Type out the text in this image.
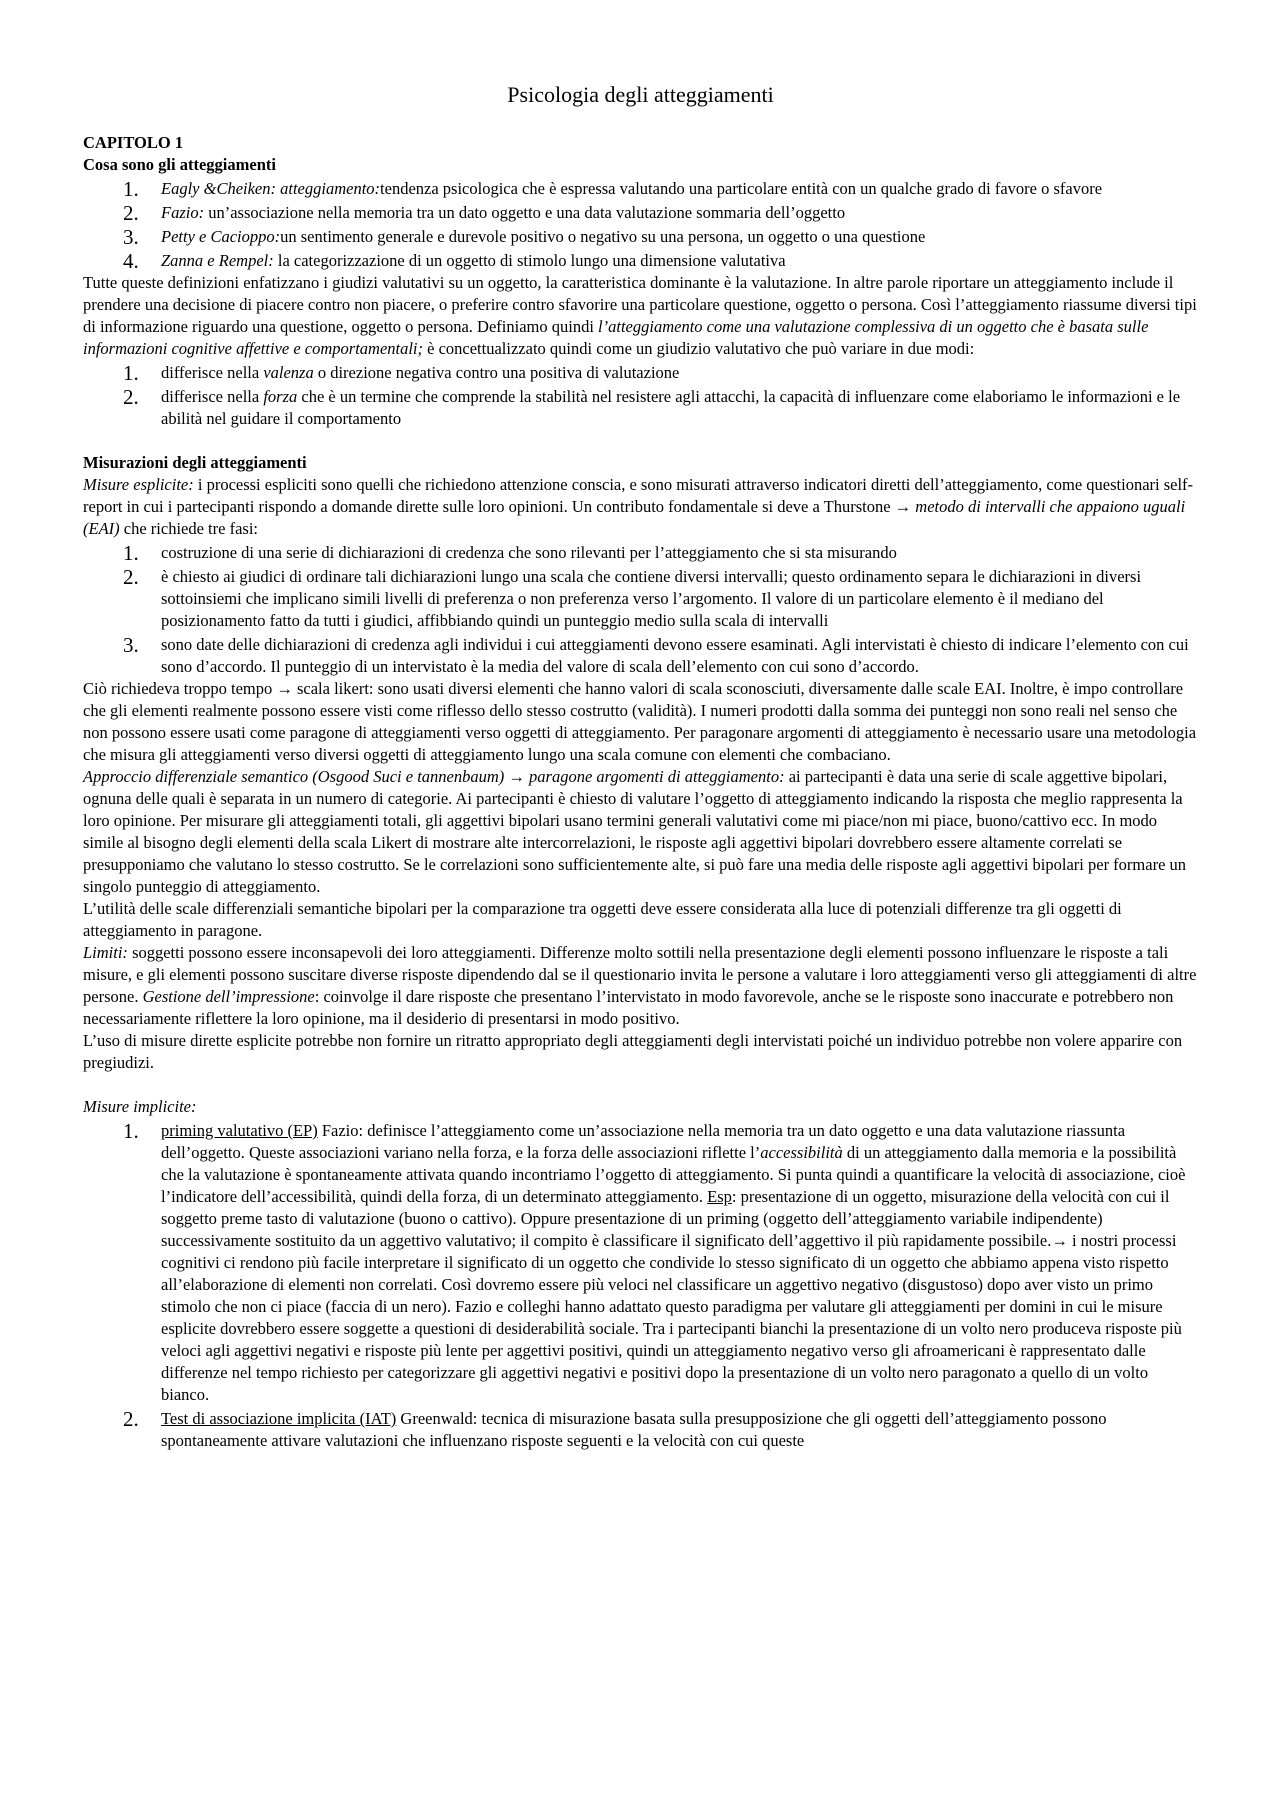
Psicologia degli atteggiamenti

CAPITOLO 1

Cosa sono gli atteggiamenti

1.	Eagly &Cheiken: atteggiamento:tendenza psicologica che è espressa valutando una particolare entità con un qualche grado di favore o sfavore
2.	Fazio: un’associazione nella memoria tra un dato oggetto e una data valutazione sommaria dell’oggetto
3.	Petty e Cacioppo:un sentimento generale e durevole positivo o negativo su una persona, un oggetto o una questione
4.	Zanna e Rempel: la categorizzazione di un oggetto di stimolo lungo una dimensione valutativa

Tutte queste definizioni enfatizzano i giudizi valutativi su un oggetto, la caratteristica dominante è la valutazione. In altre parole riportare un atteggiamento include il prendere una decisione di piacere contro non piacere, o preferire contro sfavorire una particolare questione, oggetto o persona. Così l’atteggiamento riassume diversi tipi di informazione riguardo una questione, oggetto o persona. Definiamo quindi l’atteggiamento come una valutazione complessiva di un oggetto che è basata sulle informazioni cognitive affettive e comportamentali; è concettualizzato quindi come un giudizio valutativo che può variare in due modi:

1.	differisce nella valenza o direzione negativa contro una positiva di valutazione
2.	differisce nella forza che è un termine che comprende la stabilità nel resistere agli attacchi, la capacità di influenzare come elaboriamo le informazioni e le abilità nel guidare il comportamento

Misurazioni degli atteggiamenti

Misure esplicite: i processi espliciti sono quelli che richiedono attenzione conscia, e sono misurati attraverso indicatori diretti dell’atteggiamento, come questionari self-report in cui i partecipanti rispondo a domande dirette sulle loro opinioni. Un contributo fondamentale si deve a Thurstone → metodo di intervalli che appaiono uguali (EAI) che richiede tre fasi:

1.	costruzione di una serie di dichiarazioni di credenza che sono rilevanti per l’atteggiamento che si sta misurando
2.	è chiesto ai giudici di ordinare tali dichiarazioni lungo una scala che contiene diversi intervalli; questo ordinamento separa le dichiarazioni in diversi sottoinsiemi che implicano simili livelli di preferenza o non preferenza verso l’argomento. Il valore di un particolare elemento è il mediano del posizionamento fatto da tutti i giudici, affibbiando quindi un punteggio medio sulla scala di intervalli
3.	sono date delle dichiarazioni di credenza agli individui i cui atteggiamenti devono essere esaminati. Agli intervistati è chiesto di indicare l’elemento con cui sono d’accordo. Il punteggio di un intervistato è la media del valore di scala dell’elemento con cui sono d’accordo.

Ciò richiedeva troppo tempo → scala likert: sono usati diversi elementi che hanno valori di scala sconosciuti, diversamente dalle scale EAI. Inoltre, è impo controllare che gli elementi realmente possono essere visti come riflesso dello stesso costrutto (validità). I numeri prodotti dalla somma dei punteggi non sono reali nel senso che non possono essere usati come paragone di atteggiamenti verso oggetti di atteggiamento. Per paragonare argomenti di atteggiamento è necessario usare una metodologia che misura gli atteggiamenti verso diversi oggetti di atteggiamento lungo una scala comune con elementi che combaciano.

Approccio differenziale semantico (Osgood Suci e tannenbaum) → paragone argomenti di atteggiamento: ai partecipanti è data una serie di scale aggettive bipolari, ognuna delle quali è separata in un numero di categorie. Ai partecipanti è chiesto di valutare l’oggetto di atteggiamento indicando la risposta che meglio rappresenta la loro opinione. Per misurare gli atteggiamenti totali, gli aggettivi bipolari usano termini generali valutativi come mi piace/non mi piace, buono/cattivo ecc. In modo simile al bisogno degli elementi della scala Likert di mostrare alte intercorrelazioni, le risposte agli aggettivi bipolari dovrebbero essere altamente correlati se presupponiamo che valutano lo stesso costrutto. Se le correlazioni sono sufficientemente alte, si può fare una media delle risposte agli aggettivi bipolari per formare un singolo punteggio di atteggiamento.

L’utilità delle scale differenziali semantiche bipolari per la comparazione tra oggetti deve essere considerata alla luce di potenziali differenze tra gli oggetti di atteggiamento in paragone.

Limiti: soggetti possono essere inconsapevoli dei loro atteggiamenti. Differenze molto sottili nella presentazione degli elementi possono influenzare le risposte a tali misure, e gli elementi possono suscitare diverse risposte dipendendo dal se il questionario invita le persone a valutare i loro atteggiamenti verso gli atteggiamenti di altre persone. Gestione dell’impressione: coinvolge il dare risposte che presentano l’intervistato in modo favorevole, anche se le risposte sono inaccurate e potrebbero non necessariamente riflettere la loro opinione, ma il desiderio di presentarsi in modo positivo.

L’uso di misure dirette esplicite potrebbe non fornire un ritratto appropriato degli atteggiamenti degli intervistati poiché un individuo potrebbe non volere apparire con pregiudizi.

Misure implicite:

1.	priming valutativo (EP) Fazio: definisce l’atteggiamento come un’associazione nella memoria tra un dato oggetto e una data valutazione riassunta dell’oggetto. Queste associazioni variano nella forza, e la forza delle associazioni riflette l’accessibilità di un atteggiamento dalla memoria e la possibilità che la valutazione è spontaneamente attivata quando incontriamo l’oggetto di atteggiamento. Si punta quindi a quantificare la velocità di associazione, cioè l’indicatore dell’accessibilità, quindi della forza, di un determinato atteggiamento. Esp: presentazione di un oggetto, misurazione della velocità con cui il soggetto preme tasto di valutazione (buono o cattivo). Oppure presentazione di un priming (oggetto dell’atteggiamento variabile indipendente) successivamente sostituito da un aggettivo valutativo; il compito è classificare il significato dell’aggettivo il più rapidamente possibile.→ i nostri processi cognitivi ci rendono più facile interpretare il significato di un oggetto che condivide lo stesso significato di un oggetto che abbiamo appena visto rispetto all’elaborazione di elementi non correlati. Così dovremo essere più veloci nel classificare un aggettivo negativo (disgustoso) dopo aver visto un primo stimolo che non ci piace (faccia di un nero). Fazio e colleghi hanno adattato questo paradigma per valutare gli atteggiamenti per domini in cui le misure esplicite dovrebbero essere soggette a questioni di desiderabilità sociale. Tra i partecipanti bianchi la presentazione di un volto nero produceva risposte più veloci agli aggettivi negativi e risposte più lente per aggettivi positivi, quindi un atteggiamento negativo verso gli afroamericani è rappresentato dalle differenze nel tempo richiesto per categorizzare gli aggettivi negativi e positivi dopo la presentazione di un volto nero paragonato a quello di un volto bianco.
2.	Test di associazione implicita (IAT) Greenwald: tecnica di misurazione basata sulla presupposizione che gli oggetti dell’atteggiamento possono spontaneamente attivare valutazioni che influenzano risposte seguenti e la velocità con cui queste
